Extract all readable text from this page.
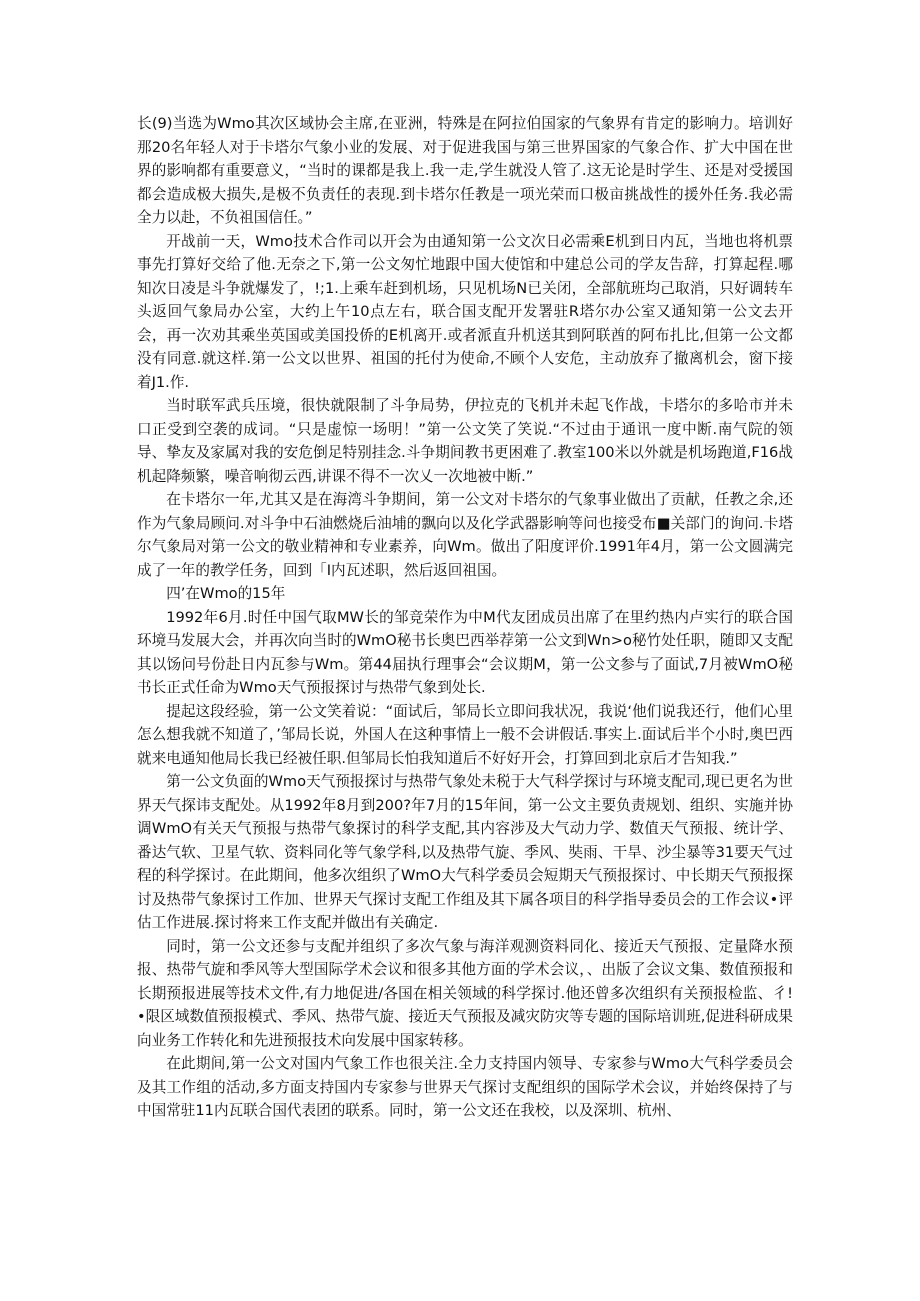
长(9)当选为Wmo其次区域协会主席,在亚洲，特殊是在阿拉伯国家的气象界有肯定的影响力。培训好那20名年轻人对于卡塔尔气象小业的发展、对于促进我国与第三世界国家的气象合作、扩大中国在世界的影响都有重要意义，“当时的课都是我上.我一走,学生就没人管了.这无论是时学生、还是对受援国都会造成极大损失,是极不负责任的表现.到卡塔尔任教是一项光荣而口极亩挑战性的援外任务.我必需全力以赴，不负祖国信任。”

开战前一天，Wmo技术合作司以开会为由通知第一公文次日必需乘E机到日内瓦，当地也将机票事先打算好交给了他.无奈之下,第一公文匆忙地跟中国大使馆和中建总公司的学友告辞，打算起程.哪知次日凌是斗争就爆发了，!;1.上乘车赶到机场，只见机场N已关闭，全部航班均己取消，只好调转车头返回气象局办公室，大约上午10点左右，联合国支配开发署驻R塔尔办公室又通知第一公文去开会，再一次劝其乘坐英国或美国投侨的E机离开.或者派直升机送其到阿联酋的阿布扎比,但第一公文都没有同意.就这样.第一公文以世界、祖国的托付为使命,不顾个人安危，主动放弃了撤离机会，窗下接着J1.作.

当时联军武兵压境，很快就限制了斗争局势，伊拉克的飞机并未起飞作战，卡塔尔的多哈市并未口正受到空袭的成词。“只是虚惊一场明！”第一公文笑了笑说.“不过由于通讯一度中断.南气院的领导、挚友及家属对我的安危倒足特别挂念.斗争期间教书更困难了.教室100米以外就是机场跑道,F16战机起降频繁，噪音响彻云西,讲课不得不一次乂一次地被中断.”

在卡塔尔一年,尤其又是在海湾斗争期间，第一公文对卡塔尔的气象事业做出了贡献，任教之余,还作为气象局顾问.对斗争中石油燃烧后油埔的飘向以及化学武器影响等问也接受布■关部门的询问.卡塔尔气象局对第一公文的敬业精神和专业素养，向Wm。做出了阳度评价.1991年4月，第一公文圆满完成了一年的教学任务，回到「I内瓦述职，然后返回祖国。

四’在Wmo的15年

1992年6月.时任中国气取MW长的邹竞荣作为中M代友团成员出席了在里约热内卢实行的联合国环境马发展大会，并再次向当时的WmO秘书长奥巴西举荐第一公文到Wn>o秘竹处任职，随即又支配其以饧问号份赴日内瓦参与Wm。第44届执行理事会“会议期M，第一公文参与了面试,7月被WmO秘书长正式任命为Wmo天气预报探讨与热带气象到处长.

提起这段经验，第一公文笑着说：“面试后，邹局长立即问我状况，我说‘他们说我还行，他们心里怎么想我就不知道了，’邹局长说，外国人在这种事情上一般不会讲假话.事实上.面试后半个小时,奥巴西就来电通知他局长我已经被任职.但邹局长怕我知道后不好好开会，打算回到北京后才告知我.”

第一公文负面的Wmo天气预报探讨与热带气象处未税于大气科学探讨与环境支配司,现已更名为世界天气探讳支配处。从1992年8月到200?年7月的15年间，第一公文主要负责规划、组织、实施并协调WmO有关天气预报与热带气象探讨的科学支配,其内容涉及大气动力学、数值天气预报、统计学、番达气软、卫星气软、资料同化等气象学科,以及热带气旋、季风、奘雨、干旱、沙尘暴等31要天气过程的科学探讨。在此期间，他多次组织了WmO大气科学委员会短期天气预报探讨、中长期天气预报探讨及热带气象探讨工作加、世界天气探讨支配工作组及其下属各项目的科学指导委员会的工作会议•评估工作进展.探讨将来工作支配并做出有关确定.

同时，第一公文还参与支配并组织了多次气象与海洋观测资料同化、接近天气预报、定量降水预报、热带气旋和季风等大型国际学术会议和很多其他方面的学术会议，、出版了会议文集、数值预报和长期预报进展等技术文件,有力地促进/各国在相关领域的科学探讨.他还曾多次组织有关预报检监、彳!•限区域数值预报模式、季风、热带气旋、接近天气预报及减灾防灾等专题的国际培训班,促进科研成果向业务工作转化和先进预报技术向发展中国家转移。

在此期间,第一公文对国内气象工作也很关注.全力支持国内领导、专家参与Wmo大气科学委员会及其工作组的活动,多方面支持国内专家参与世界天气探讨支配组织的国际学术会议，并始终保持了与中国常驻11内瓦联合国代表团的联系。同时，第一公文还在我校，以及深圳、杭州、
